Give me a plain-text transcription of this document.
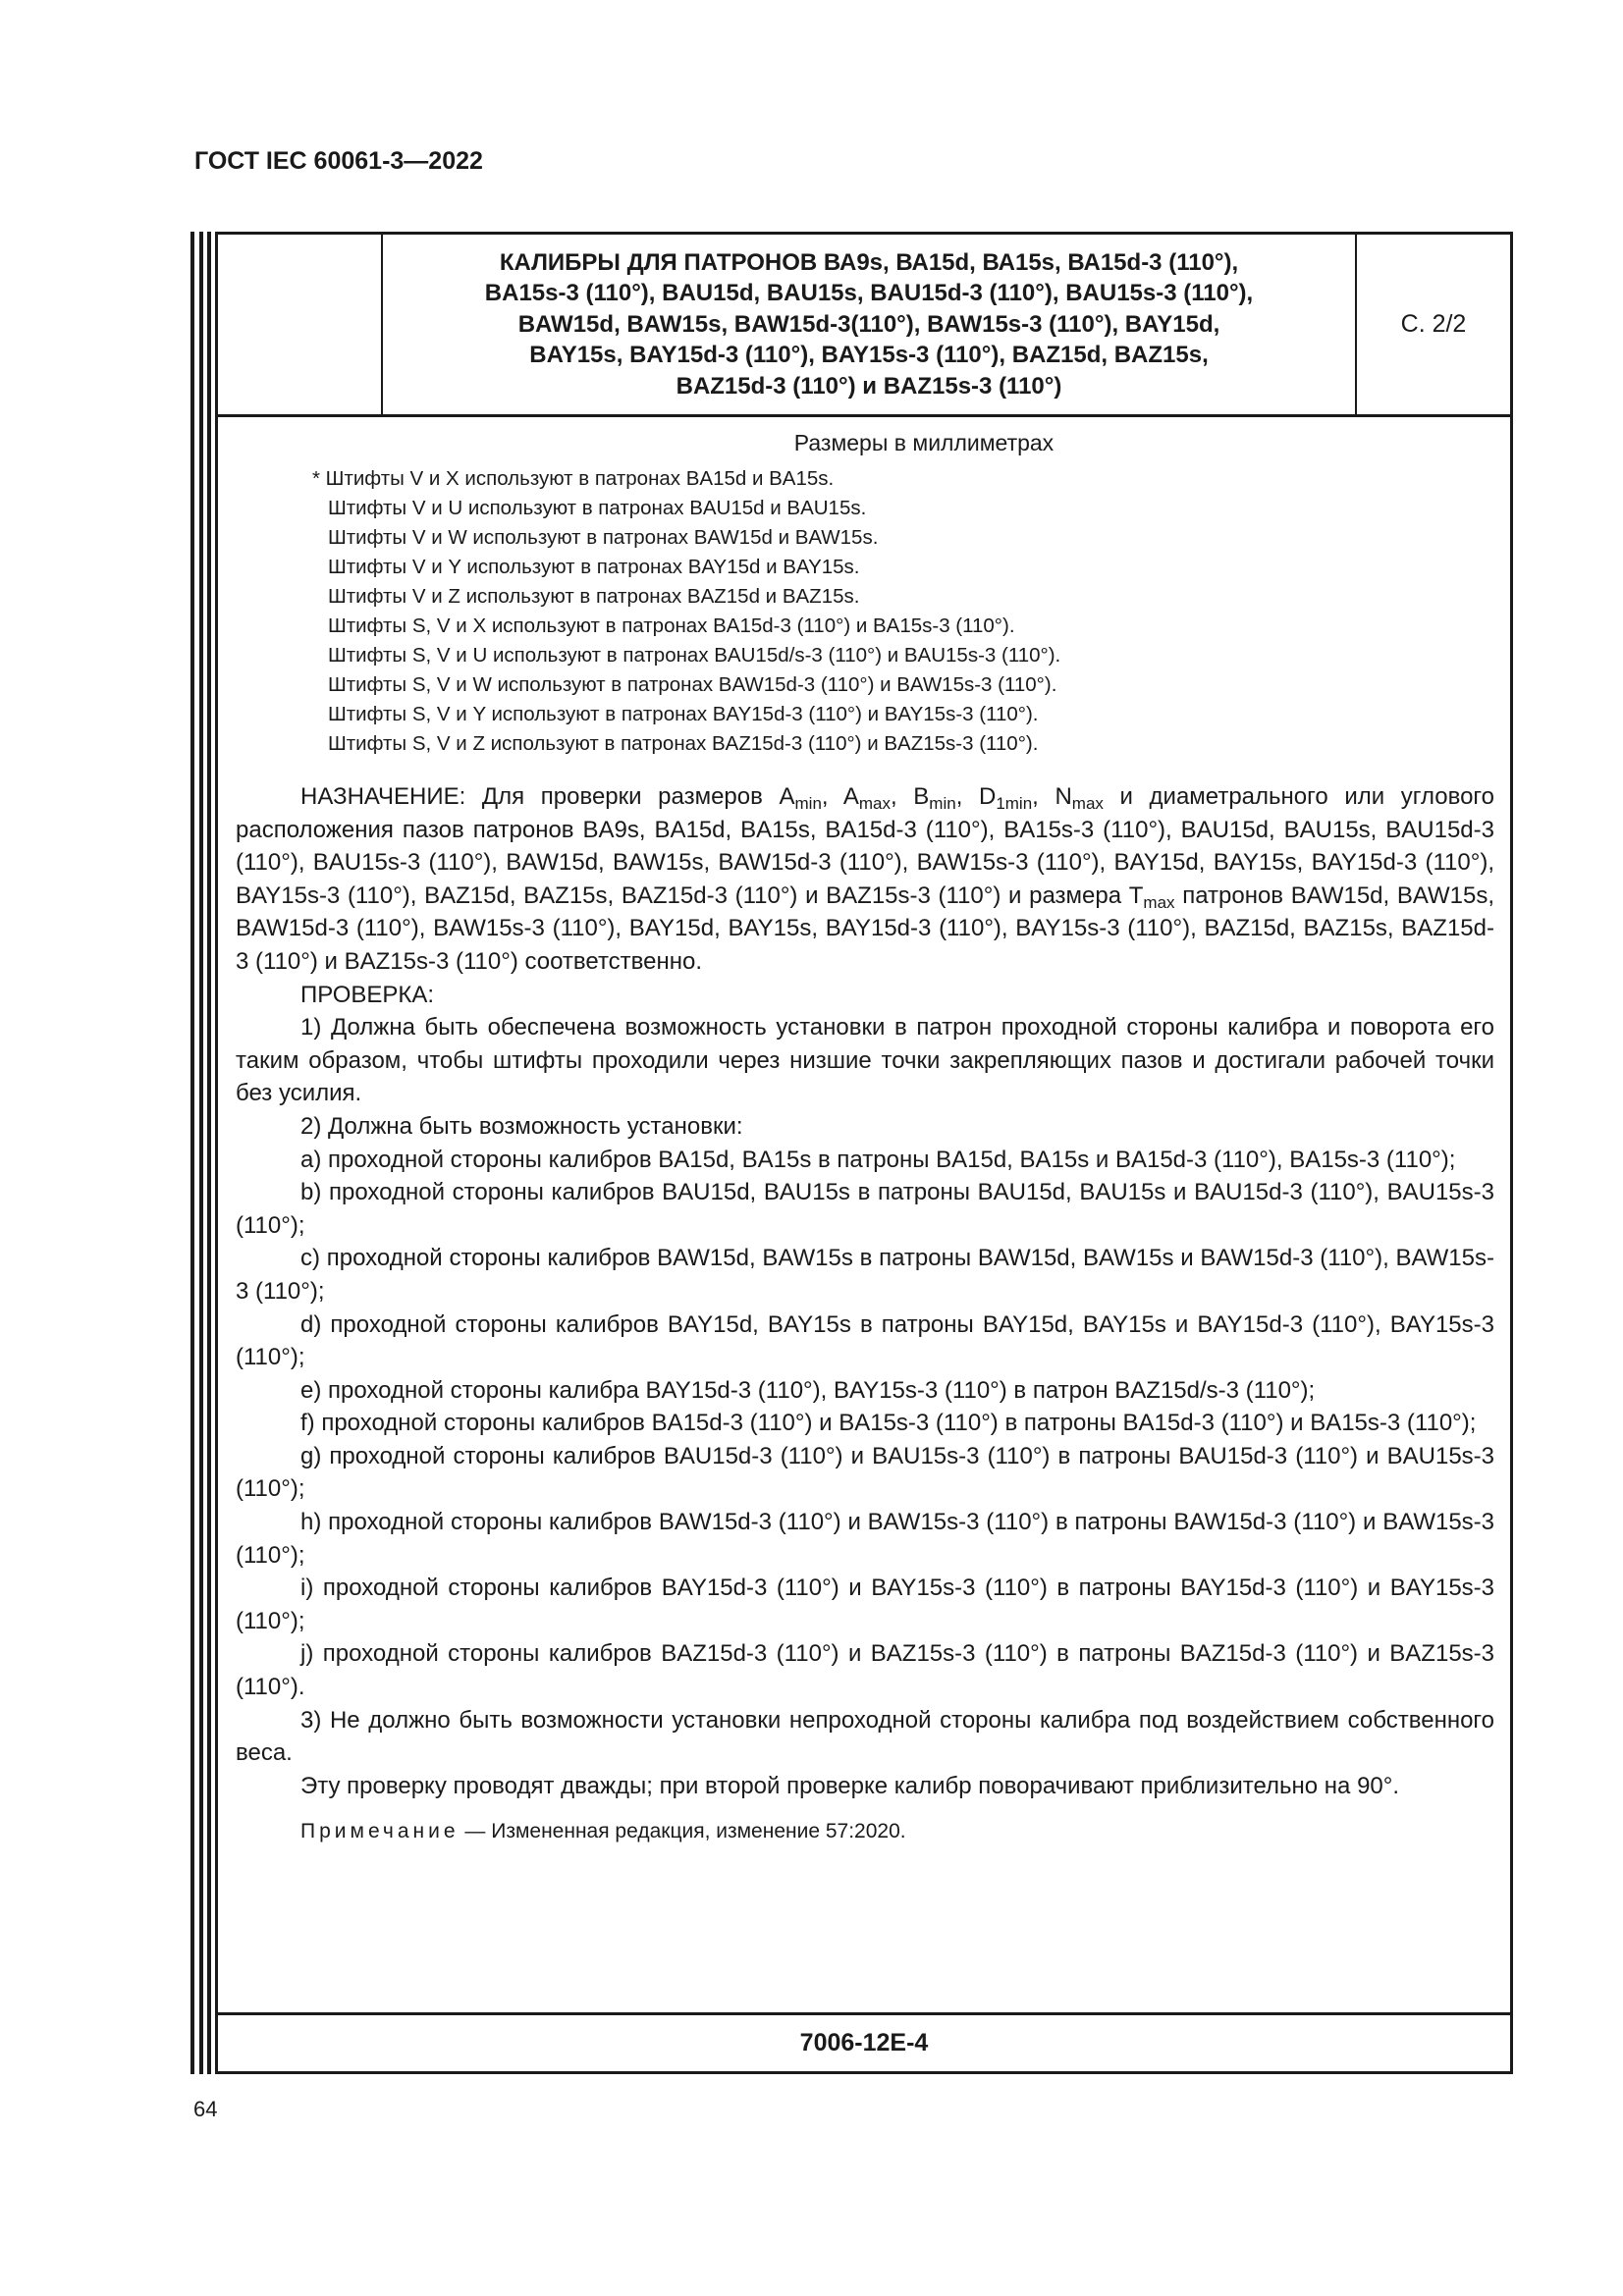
ГОСТ IEC 60061-3—2022
КАЛИБРЫ ДЛЯ ПАТРОНОВ ВА9s, ВА15d, ВА15s, ВА15d-3 (110°),
BA15s-3 (110°), BAU15d, BAU15s, BAU15d-3 (110°), BAU15s-3 (110°),
BAW15d, BAW15s, BAW15d-3(110°), BAW15s-3 (110°), BAY15d,
BAY15s, BAY15d-3 (110°), BAY15s-3 (110°), BAZ15d, BAZ15s,
BAZ15d-3 (110°) и BAZ15s-3 (110°)
С. 2/2
Размеры в миллиметрах
* Штифты V и X используют в патронах BA15d и BA15s.
Штифты V и U используют в патронах BAU15d и BAU15s.
Штифты V и W используют в патронах BAW15d и BAW15s.
Штифты V и Y используют в патронах BAY15d и BAY15s.
Штифты V и Z используют в патронах BAZ15d и BAZ15s.
Штифты S, V и X используют в патронах BA15d-3 (110°) и BA15s-3 (110°).
Штифты S, V и U используют в патронах BAU15d/s-3 (110°) и BAU15s-3 (110°).
Штифты S, V и W используют в патронах BAW15d-3 (110°) и BAW15s-3 (110°).
Штифты S, V и Y используют в патронах BAY15d-3 (110°) и BAY15s-3 (110°).
Штифты S, V и Z используют в патронах BAZ15d-3 (110°) и BAZ15s-3 (110°).

НАЗНАЧЕНИЕ: Для проверки размеров $A_{min}$, $A_{max}$, $B_{min}$, $D_{1min}$, $N_{max}$ и диаметрального или углового расположения пазов патронов BA9s, BA15d, BA15s, BA15d-3 (110°), BA15s-3 (110°), BAU15d, BAU15s, BAU15d-3 (110°), BAU15s-3 (110°), BAW15d, BAW15s, BAW15d-3 (110°), BAW15s-3 (110°), BAY15d, BAY15s, BAY15d-3 (110°), BAY15s-3 (110°), BAZ15d, BAZ15s, BAZ15d-3 (110°) и BAZ15s-3 (110°) и размера $T_{max}$ патронов BAW15d, BAW15s, BAW15d-3 (110°), BAW15s-3 (110°), BAY15d, BAY15s, BAY15d-3 (110°), BAY15s-3 (110°), BAZ15d, BAZ15s, BAZ15d-3 (110°) и BAZ15s-3 (110°) соответственно.

ПРОВЕРКА:

1) Должна быть обеспечена возможность установки в патрон проходной стороны калибра и поворота его таким образом, чтобы штифты проходили через низшие точки закрепляющих пазов и достигали рабочей точки без усилия.

2) Должна быть возможность установки:

a) проходной стороны калибров BA15d, BA15s в патроны BA15d, BA15s и BA15d-3 (110°), BA15s-3 (110°);

b) проходной стороны калибров BAU15d, BAU15s в патроны BAU15d, BAU15s и BAU15d-3 (110°), BAU15s-3 (110°);

c) проходной стороны калибров BAW15d, BAW15s в патроны BAW15d, BAW15s и BAW15d-3 (110°), BAW15s-3 (110°);

d) проходной стороны калибров BAY15d, BAY15s в патроны BAY15d, BAY15s и BAY15d-3 (110°), BAY15s-3 (110°);

e) проходной стороны калибра BAY15d-3 (110°), BAY15s-3 (110°) в патрон BAZ15d/s-3 (110°);

f) проходной стороны калибров BA15d-3 (110°) и BA15s-3 (110°) в патроны BA15d-3 (110°) и BA15s-3 (110°);

g) проходной стороны калибров BAU15d-3 (110°) и BAU15s-3 (110°) в патроны BAU15d-3 (110°) и BAU15s-3 (110°);

h) проходной стороны калибров BAW15d-3 (110°) и BAW15s-3 (110°) в патроны BAW15d-3 (110°) и BAW15s-3 (110°);

i) проходной стороны калибров BAY15d-3 (110°) и BAY15s-3 (110°) в патроны BAY15d-3 (110°) и BAY15s-3 (110°);

j) проходной стороны калибров BAZ15d-3 (110°) и BAZ15s-3 (110°) в патроны BAZ15d-3 (110°) и BAZ15s-3 (110°).

3) Не должно быть возможности установки непроходной стороны калибра под воздействием собственного веса.

Эту проверку проводят дважды; при второй проверке калибр поворачивают приблизительно на 90°.

Примечание — Измененная редакция, изменение 57:2020.
7006-12E-4
64
